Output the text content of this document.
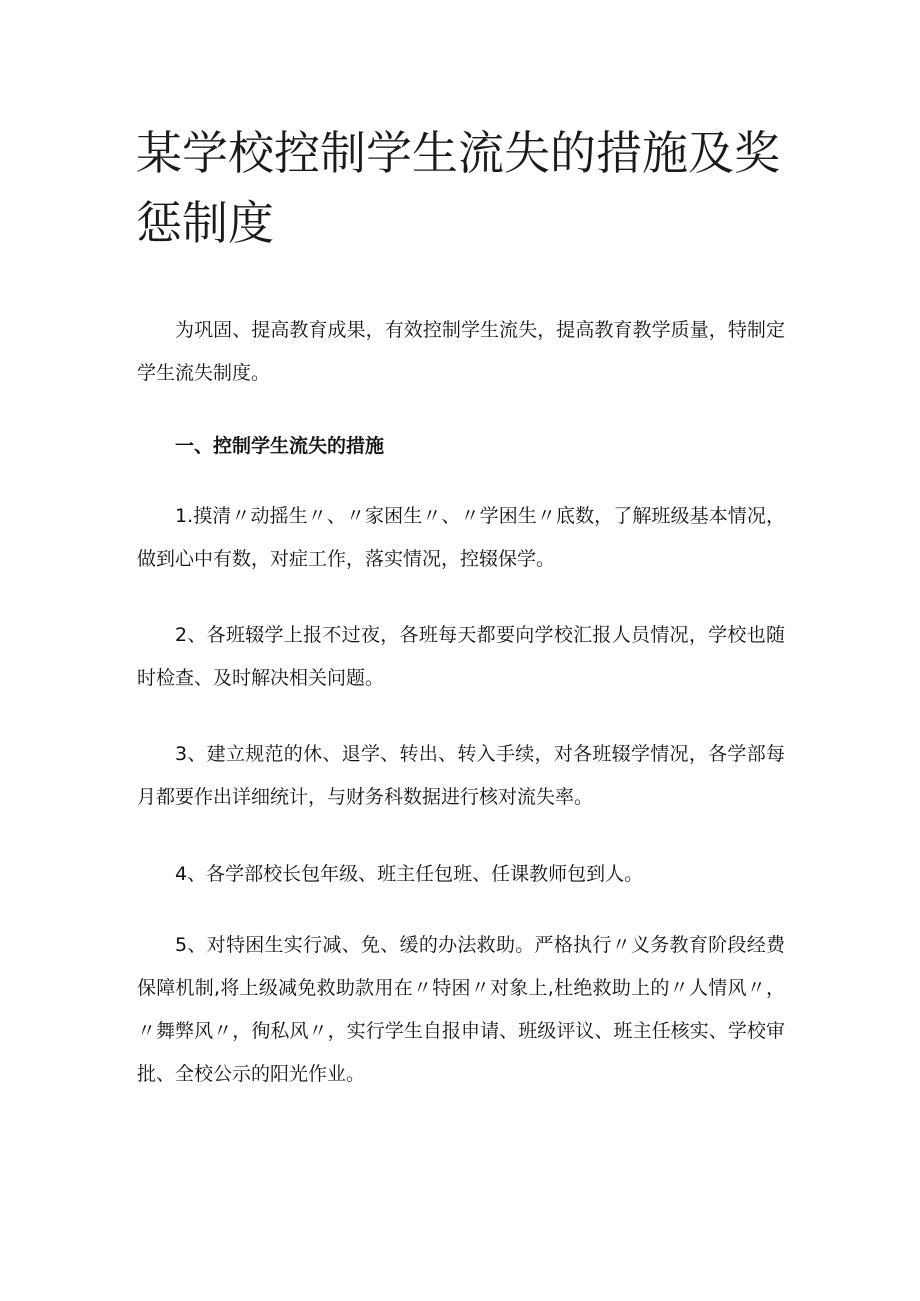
某学校控制学生流失的措施及奖惩制度

为巩固、提高教育成果，有效控制学生流失，提高教育教学质量，特制定学生流失制度。

一、控制学生流失的措施

1.摸清〃动摇生〃、〃家困生〃、〃学困生〃底数，了解班级基本情况，做到心中有数，对症工作，落实情况，控辍保学。

2、各班辍学上报不过夜，各班每天都要向学校汇报人员情况，学校也随时检查、及时解决相关问题。

3、建立规范的休、退学、转出、转入手续，对各班辍学情况，各学部每月都要作出详细统计，与财务科数据进行核对流失率。

4、各学部校长包年级、班主任包班、任课教师包到人。

5、对特困生实行减、免、缓的办法救助。严格执行〃义务教育阶段经费保障机制,将上级减免救助款用在〃特困〃对象上,杜绝救助上的〃人情风〃，〃舞弊风〃，徇私风〃，实行学生自报申请、班级评议、班主任核实、学校审批、全校公示的阳光作业。
